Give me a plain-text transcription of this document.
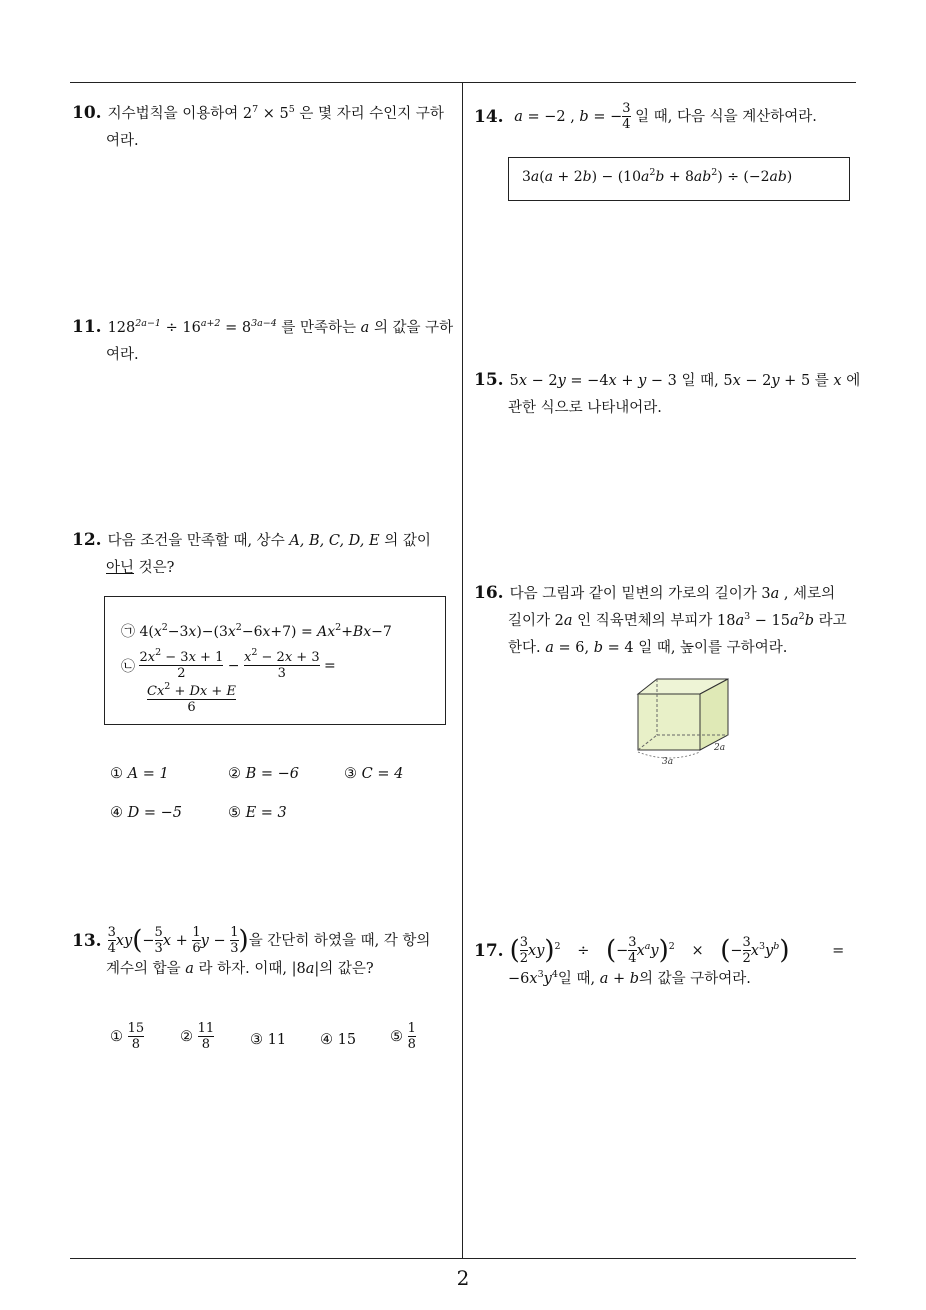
2
10. 지수법칙을 이용하여 $2^7 \times 5^5$ 은 몇 자리 수인지 구하
여라.
11. $128^{2a-1} \div 16^{a+2} = 8^{3a-4}$ 를 만족하는 a 의 값을 구하
여라.
12. 다음 조건을 만족할 때, 상수 A, B, C, D, E 의 값이
아닌 것은?
㉠ $4(x^2-3x)-(3x^2-6x+7) = Ax^2+Bx-7$
㉡ $\frac{2x^2 - 3x + 1}{2} - \frac{x^2 - 2x + 3}{3}$ =
$\frac{Cx^2 + Dx + E}{6}$
① A = 1	② B = −6	③ C = 4
④ D = −5	⑤ E = 3
13. $\frac{3}{4} xy(- \frac{5}{3}$ $x + \frac{1}{6}$ $y - \frac{1}{3}$ )을 간단히 하였을 때, 각 항의
계수의 합을 a 라 하자. 이때, |8a|의 값은?
① $\frac{15}{8}$ ② $\frac{11}{8}$ ③ 11 ④ 15 ⑤ $\frac{1}{8}$
14. a = −2 , b = − $\frac{3}{4}$ 일 때, 다음 식을 계산하여라.
$3a(a + 2b) - (10a^2b + 8ab^2) \div (-2ab)$
15. 5x − 2y = −4x + y − 3 일 때, 5x − 2y + 5 를 x 에
관한 식으로 나타내어라.
16. 다음 그림과 같이 밑변의 가로의 길이가 3a , 세로의
길이가 2a 인 직육면체의 부피가 $18a^3 - 15a^2b$ 라고
한다. a = 6, b = 4 일 때, 높이를 구하여라.
3a
2a
17. ( $\frac{3}{2} xy)^2$ ÷ (− $\frac{3}{4} x^ay)^2$ × (− $\frac{3}{2} x^3y^b$)	=
$-6x^3y^4$일 때, a + b의 값을 구하여라.
